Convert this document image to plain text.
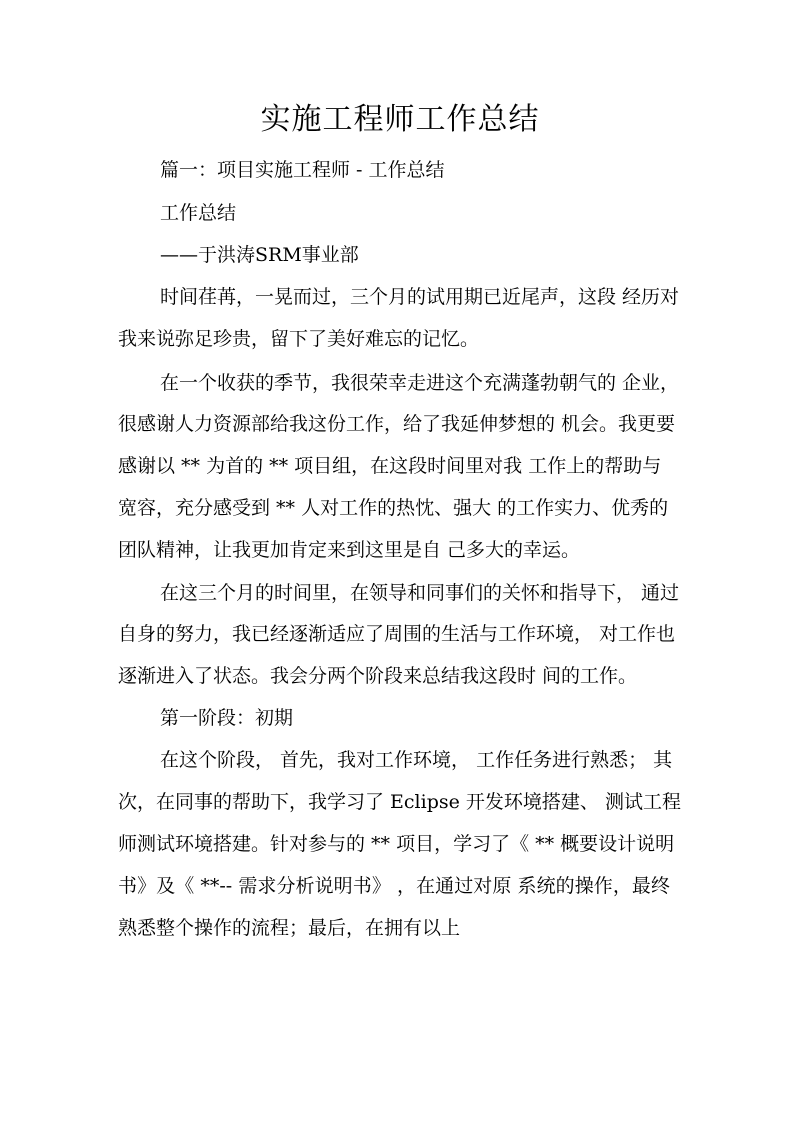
实施工程师工作总结
篇一：项目实施工程师 - 工作总结
工作总结
——于洪涛SRM事业部
时间荏苒，一晃而过，三个月的试用期已近尾声，这段 经历对
我来说弥足珍贵，留下了美好难忘的记忆。
在一个收获的季节，我很荣幸走进这个充满蓬勃朝气的 企业，
很感谢人力资源部给我这份工作，给了我延伸梦想的 机会。我更要
感谢以 ** 为首的 ** 项目组，在这段时间里对我 工作上的帮助与
宽容，充分感受到 ** 人对工作的热忱、强大 的工作实力、优秀的
团队精神，让我更加肯定来到这里是自 己多大的幸运。
在这三个月的时间里，在领导和同事们的关怀和指导下， 通过
自身的努力，我已经逐渐适应了周围的生活与工作环境， 对工作也
逐渐进入了状态。我会分两个阶段来总结我这段时 间的工作。
第一阶段：初期
在这个阶段， 首先，我对工作环境， 工作任务进行熟悉； 其
次，在同事的帮助下，我学习了 Eclipse 开发环境搭建、 测试工程
师测试环境搭建。针对参与的 ** 项目，学习了《 ** 概要设计说明
书》及《 **-- 需求分析说明书》 ，在通过对原 系统的操作，最终
熟悉整个操作的流程；最后，在拥有以上
